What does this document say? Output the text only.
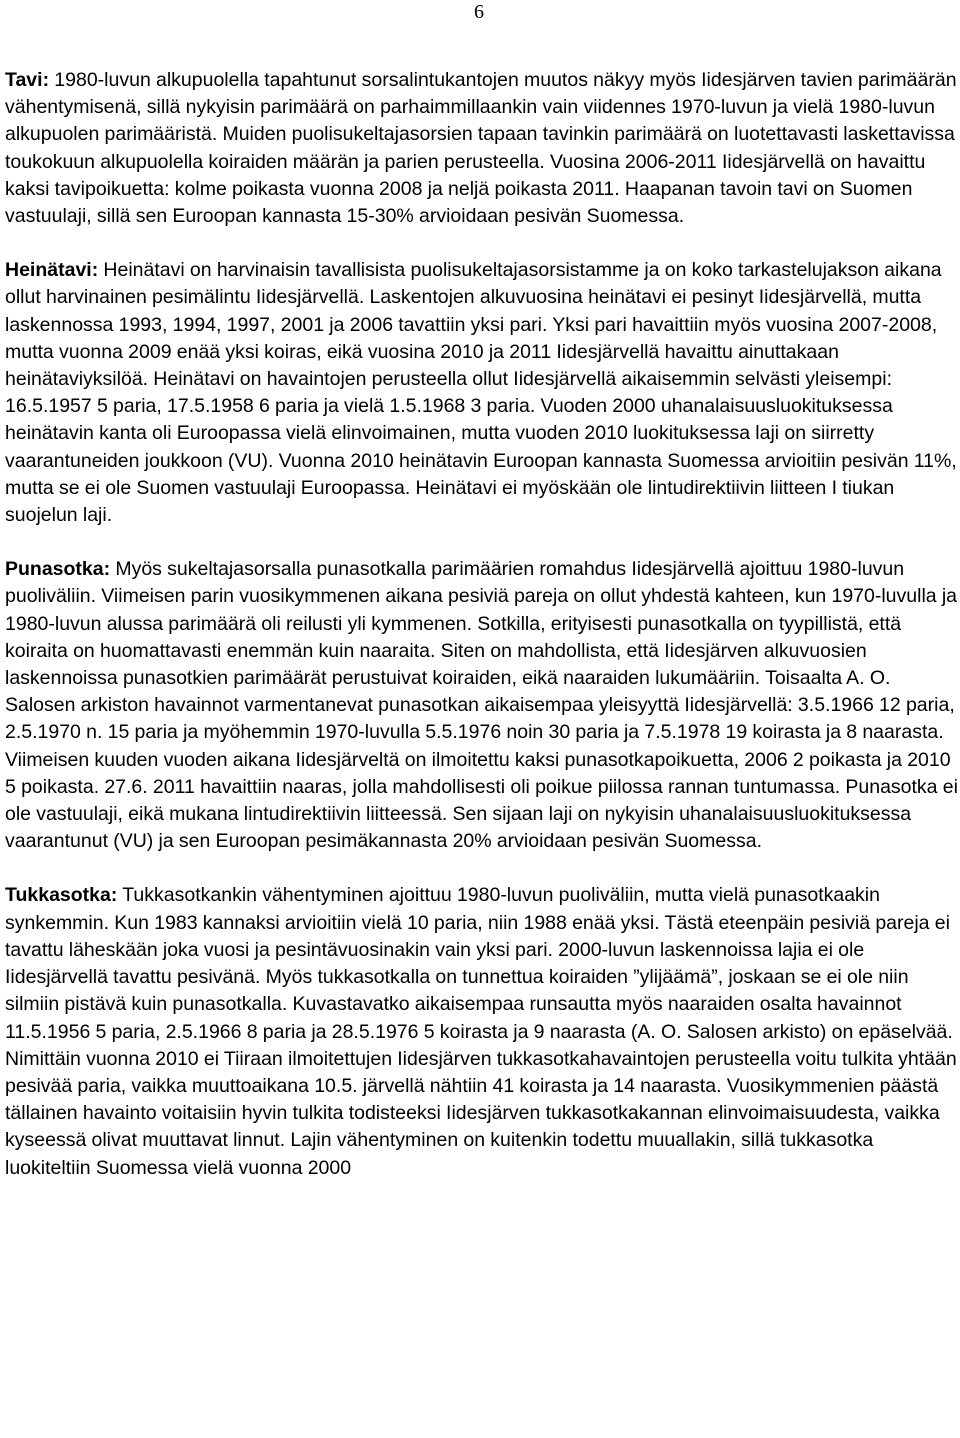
6

Tavi: 1980-luvun alkupuolella tapahtunut sorsalintukantojen muutos näkyy myös Iidesjärven tavien parimäärän vähentymisenä, sillä nykyisin parimäärä on parhaimmillaankin vain viidennes 1970-luvun ja vielä 1980-luvun alkupuolen parimääristä. Muiden puolisukeltajasorsien tapaan tavinkin parimäärä on luotettavasti laskettavissa toukokuun alkupuolella koiraiden määrän ja parien perusteella. Vuosina 2006-2011 Iidesjärvellä on havaittu kaksi tavipoikuetta: kolme poikasta vuonna 2008 ja neljä poikasta 2011. Haapanan tavoin tavi on Suomen vastuulaji, sillä sen Euroopan kannasta 15-30% arvioidaan pesivän Suomessa.

Heinätavi: Heinätavi on harvinaisin tavallisista puolisukeltajasorsistamme ja on koko tarkastelujakson aikana ollut harvinainen pesimälintu Iidesjärvellä. Laskentojen alkuvuosina heinätavi ei pesinyt Iidesjärvellä, mutta laskennossa 1993, 1994, 1997, 2001 ja 2006 tavattiin yksi pari. Yksi pari havaittiin myös vuosina 2007-2008, mutta vuonna 2009 enää yksi koiras, eikä vuosina 2010 ja 2011 Iidesjärvellä havaittu ainuttakaan heinätaviyksilöä. Heinätavi on havaintojen perusteella ollut Iidesjärvellä aikaisemmin selvästi yleisempi: 16.5.1957 5 paria, 17.5.1958 6 paria ja vielä 1.5.1968 3 paria. Vuoden 2000 uhanalaisuusluokituksessa heinätavin kanta oli Euroopassa vielä elinvoimainen, mutta vuoden 2010 luokituksessa laji on siirretty vaarantuneiden joukkoon (VU). Vuonna 2010 heinätavin Euroopan kannasta Suomessa arvioitiin pesivän 11%, mutta se ei ole Suomen vastuulaji Euroopassa. Heinätavi ei myöskään ole lintudirektiivin liitteen I tiukan suojelun laji.

Punasotka: Myös sukeltajasorsalla punasotkalla parimäärien romahdus Iidesjärvellä ajoittuu 1980-luvun puoliväliin. Viimeisen parin vuosikymmenen aikana pesiviä pareja on ollut yhdestä kahteen, kun 1970-luvulla ja 1980-luvun alussa parimäärä oli reilusti yli kymmenen. Sotkilla, erityisesti punasotkalla on tyypillistä, että koiraita on huomattavasti enemmän kuin naaraita. Siten on mahdollista, että Iidesjärven alkuvuosien laskennoissa punasotkien parimäärät perustuivat koiraiden, eikä naaraiden lukumääriin. Toisaalta A. O. Salosen arkiston havainnot varmentanevat punasotkan aikaisempaa yleisyyttä Iidesjärvellä: 3.5.1966 12 paria, 2.5.1970 n. 15 paria ja myöhemmin 1970-luvulla 5.5.1976 noin 30 paria ja 7.5.1978 19 koirasta ja 8 naarasta. Viimeisen kuuden vuoden aikana Iidesjärveltä on ilmoitettu kaksi punasotkapoikuetta, 2006 2 poikasta ja 2010 5 poikasta. 27.6. 2011 havaittiin naaras, jolla mahdollisesti oli poikue piilossa rannan tuntumassa. Punasotka ei ole vastuulaji, eikä mukana lintudirektiivin liitteessä. Sen sijaan laji on nykyisin uhanalaisuusluokituksessa vaarantunut (VU) ja sen Euroopan pesimäkannasta 20% arvioidaan pesivän Suomessa.

Tukkasotka: Tukkasotkankin vähentyminen ajoittuu 1980-luvun puoliväliin, mutta vielä punasotkaakin synkemmin. Kun 1983 kannaksi arvioitiin vielä 10 paria, niin 1988 enää yksi. Tästä eteenpäin pesiviä pareja ei tavattu läheskään joka vuosi ja pesintävuosinakin vain yksi pari. 2000-luvun laskennoissa lajia ei ole Iidesjärvellä tavattu pesivänä. Myös tukkasotkalla on tunnettua koiraiden ”ylijäämä”, joskaan se ei ole niin silmiin pistävä kuin punasotkalla. Kuvastavatko aikaisempaa runsautta myös naaraiden osalta havainnot 11.5.1956 5 paria, 2.5.1966 8 paria ja 28.5.1976 5 koirasta ja 9 naarasta (A. O. Salosen arkisto) on epäselvää. Nimittäin vuonna 2010 ei Tiiraan ilmoitettujen Iidesjärven tukkasotkahavaintojen perusteella voitu tulkita yhtään pesivää paria, vaikka muuttoaikana 10.5. järvellä nähtiin 41 koirasta ja 14 naarasta. Vuosikymmenien päästä tällainen havainto voitaisiin hyvin tulkita todisteeksi Iidesjärven tukkasotkakannan elinvoimaisuudesta, vaikka kyseessä olivat muuttavat linnut. Lajin vähentyminen on kuitenkin todettu muuallakin, sillä tukkasotka luokiteltiin Suomessa vielä vuonna 2000
